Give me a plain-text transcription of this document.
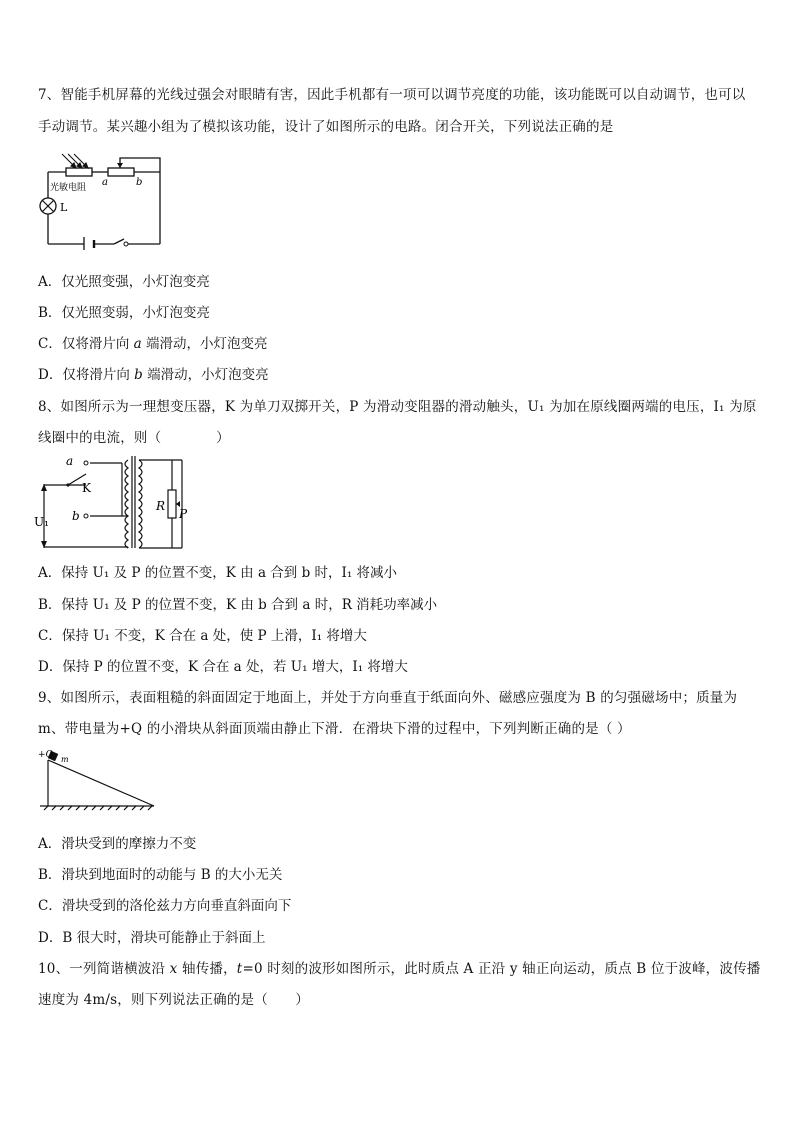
7、智能手机屏幕的光线过强会对眼睛有害，因此手机都有一项可以调节亮度的功能，该功能既可以自动调节，也可以
手动调节。某兴趣小组为了模拟该功能，设计了如图所示的电路。闭合开关，下列说法正确的是
光敏电阻 a	b
L
A．仅光照变强，小灯泡变亮
B．仅光照变弱，小灯泡变亮
C．仅将滑片向 a 端滑动，小灯泡变亮
D．仅将滑片向 b 端滑动，小灯泡变亮
8、如图所示为一理想变压器，K 为单刀双掷开关，P 为滑动变阻器的滑动触头，U₁ 为加在原线圈两端的电压，I₁ 为原
线圈中的电流，则（　　　　）
a
b
K
U₁
R
P
A．保持 U₁ 及 P 的位置不变，K 由 a 合到 b 时，I₁ 将减小
B．保持 U₁ 及 P 的位置不变，K 由 b 合到 a 时，R 消耗功率减小
C．保持 U₁ 不变，K 合在 a 处，使 P 上滑，I₁ 将增大
D．保持 P 的位置不变，K 合在 a 处，若 U₁ 增大，I₁ 将增大
9、如图所示，表面粗糙的斜面固定于地面上，并处于方向垂直于纸面向外、磁感应强度为 B 的匀强磁场中；质量为
m、带电量为+Q 的小滑块从斜面顶端由静止下滑．在滑块下滑的过程中，下列判断正确的是（ ）
+Q m
A．滑块受到的摩擦力不变
B．滑块到地面时的动能与 B 的大小无关
C．滑块受到的洛伦兹力方向垂直斜面向下
D．B 很大时，滑块可能静止于斜面上
10、一列简谐横波沿 x 轴传播，t=0 时刻的波形如图所示，此时质点 A 正沿 y 轴正向运动，质点 B 位于波峰，波传播
速度为 4m/s，则下列说法正确的是（　　）
